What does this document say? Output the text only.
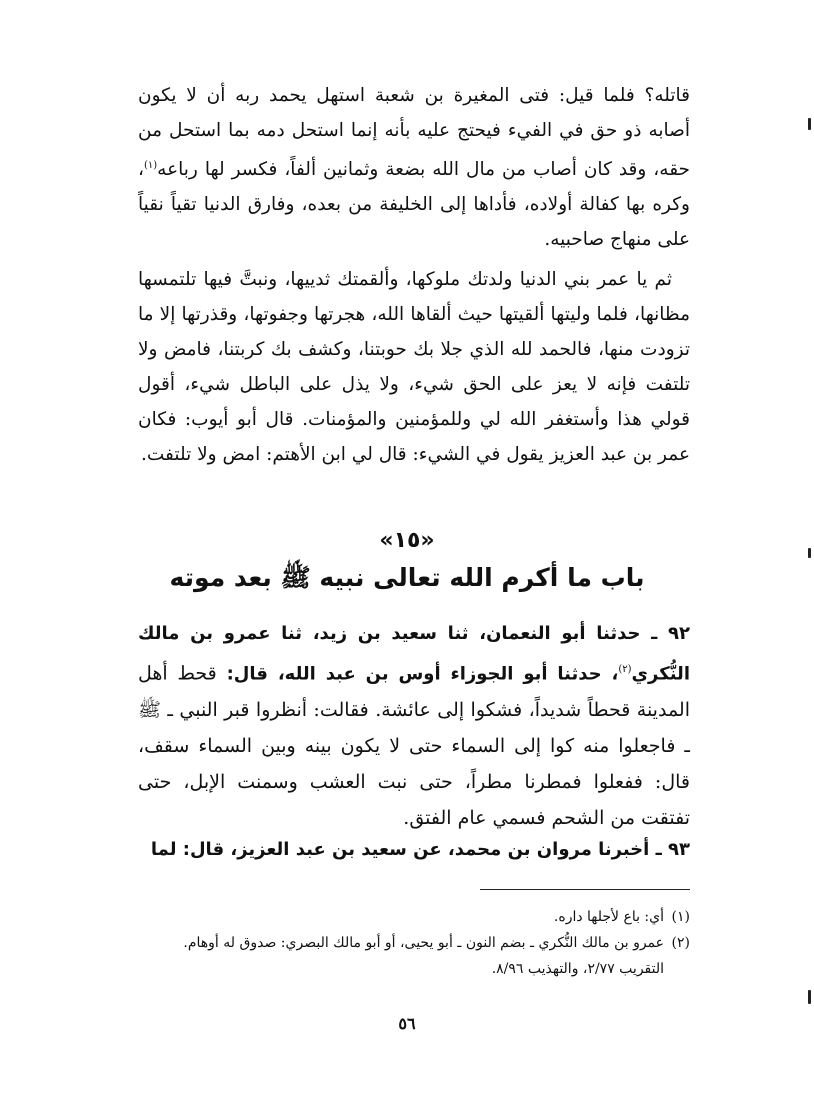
قاتله؟ فلما قيل: فتى المغيرة بن شعبة استهل يحمد ربه أن لا يكون أصابه ذو حق في الفيء فيحتج عليه بأنه إنما استحل دمه بما استحل من حقه، وقد كان أصاب من مال الله بضعة وثمانين ألفاً، فكسر لها رباعه$^{(١)}$، وكره بها كفالة أولاده، فأداها إلى الخليفة من بعده، وفارق الدنيا تقياً نقياً على منهاج صاحبيه.

ثم يا عمر بني الدنيا ولدتك ملوكها، وألقمتك ثدييها، ونبتَّ فيها تلتمسها مظانها، فلما وليتها ألقيتها حيث ألقاها الله، هجرتها وجفوتها، وقذرتها إلا ما تزودت منها، فالحمد لله الذي جلا بك حوبتنا، وكشف بك كربتنا، فامض ولا تلتفت فإنه لا يعز على الحق شيء، ولا يذل على الباطل شيء، أقول قولي هذا وأستغفر الله لي وللمؤمنين والمؤمنات. قال أبو أيوب: فكان عمر بن عبد العزيز يقول في الشيء: قال لي ابن الأهتم: امض ولا تلتفت.

«١٥»
باب ما أكرم الله تعالى نبيه ﷺ بعد موته
٩٢ ـ حدثنا أبو النعمان، ثنا سعيد بن زيد، ثنا عمرو بن مالك النُّكري$^{(٢)}$، حدثنا أبو الجوزاء أوس بن عبد الله، قال: قحط أهل المدينة قحطاً شديداً، فشكوا إلى عائشة. فقالت: أنظروا قبر النبي ـ ﷺ ـ فاجعلوا منه كوا إلى السماء حتى لا يكون بينه وبين السماء سقف، قال: ففعلوا فمطرنا مطراً، حتى نبت العشب وسمنت الإبل، حتى تفتقت من الشحم فسمي عام الفتق.
٩٣ ـ أخبرنا مروان بن محمد، عن سعيد بن عبد العزيز، قال: لما

(١)أي: باع لأجلها داره.

(٢)عمرو بن مالك النُّكري ـ بضم النون ـ أبو يحيى، أو أبو مالك البصري: صدوق له أوهام.

التقريب ٢/٧٧، والتهذيب ٨/٩٦.

٥٦
